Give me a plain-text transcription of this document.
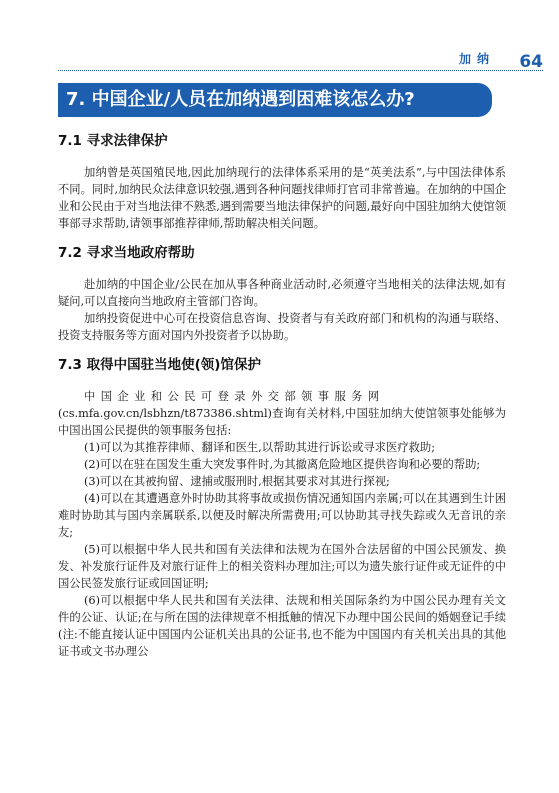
加纳 64
7. 中国企业/人员在加纳遇到困难该怎么办?
7.1 寻求法律保护

加纳曾是英国殖民地,因此加纳现行的法律体系采用的是“英美法系”,与中国法律体系不同。同时,加纳民众法律意识较强,遇到各种问题找律师打官司非常普遍。在加纳的中国企业和公民由于对当地法律不熟悉,遇到需要当地法律保护的问题,最好向中国驻加纳大使馆领事部寻求帮助,请领事部推荐律师,帮助解决相关问题。

7.2 寻求当地政府帮助

赴加纳的中国企业/公民在加从事各种商业活动时,必须遵守当地相关的法律法规,如有疑问,可以直接向当地政府主管部门咨询。

加纳投资促进中心可在投资信息咨询、投资者与有关政府部门和机构的沟通与联络、投资支持服务等方面对国内外投资者予以协助。

7.3 取得中国驻当地使(领)馆保护

中国企业和公民可登录外交部领事服务网

(cs.mfa.gov.cn/lsbhzn/t873386.shtml)查询有关材料,中国驻加纳大使馆领事处能够为中国出国公民提供的领事服务包括:

(1)可以为其推荐律师、翻译和医生,以帮助其进行诉讼或寻求医疗救助;

(2)可以在驻在国发生重大突发事件时,为其撤离危险地区提供咨询和必要的帮助;

(3)可以在其被拘留、逮捕或服刑时,根据其要求对其进行探视;

(4)可以在其遭遇意外时协助其将事故或损伤情况通知国内亲属;可以在其遇到生计困难时协助其与国内亲属联系,以便及时解决所需费用;可以协助其寻找失踪或久无音讯的亲友;

(5)可以根据中华人民共和国有关法律和法规为在国外合法居留的中国公民颁发、换发、补发旅行证件及对旅行证件上的相关资料办理加注;可以为遗失旅行证件或无证件的中国公民签发旅行证或回国证明;

(6)可以根据中华人民共和国有关法律、法规和相关国际条约为中国公民办理有关文件的公证、认证;在与所在国的法律规章不相抵触的情况下办理中国公民间的婚姻登记手续(注:不能直接认证中国国内公证机关出具的公证书,也不能为中国国内有关机关出具的其他证书或文书办理公
